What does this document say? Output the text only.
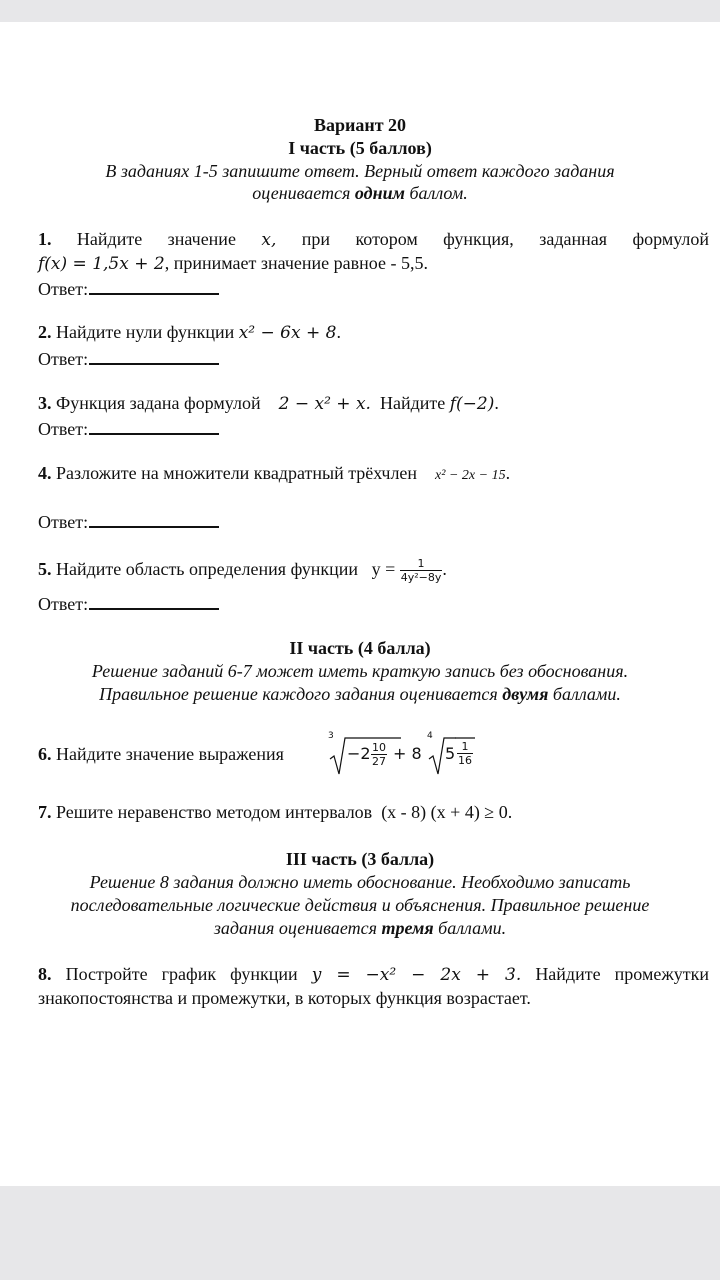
Вариант 20
I часть (5 баллов)
В заданиях 1-5 запишите ответ. Верный ответ каждого задания
оценивается одним баллом.
1. Найдите значение x, при котором функция, заданная формулой
f(x) = 1,5x + 2, принимает значение равное - 5,5.
Ответ:
2. Найдите нули функции x² − 6x + 8.
Ответ:
3. Функция задана формулой    2 − x² + x. Найдите f(−2).
Ответ:
4. Разложите на множители квадратный трёхчлен x² − 2x − 15.
Ответ:
5. Найдите область определения функции $y = \frac{1}{\text{4y²−8y}}$ .
Ответ:
II часть (4 балла)
Решение заданий 6-7 может иметь краткую запись без обоснования.
Правильное решение каждого задания оценивается двумя баллами.
6. Найдите значение выражения
3
$-2 \frac{10}{27} + 8$
4
$5 \frac{1}{16}$
7. Решите неравенство методом интервалов (x - 8) (x + 4) ≥ 0.
III часть (3 балла)
Решение 8 задания должно иметь обоснование. Необходимо записать
последовательные логические действия и объяснения. Правильное решение
задания оценивается тремя баллами.
8. Постройте график функции y = −x² − 2x + 3. Найдите промежутки
знакопостоянства и промежутки, в которых функция возрастает.
